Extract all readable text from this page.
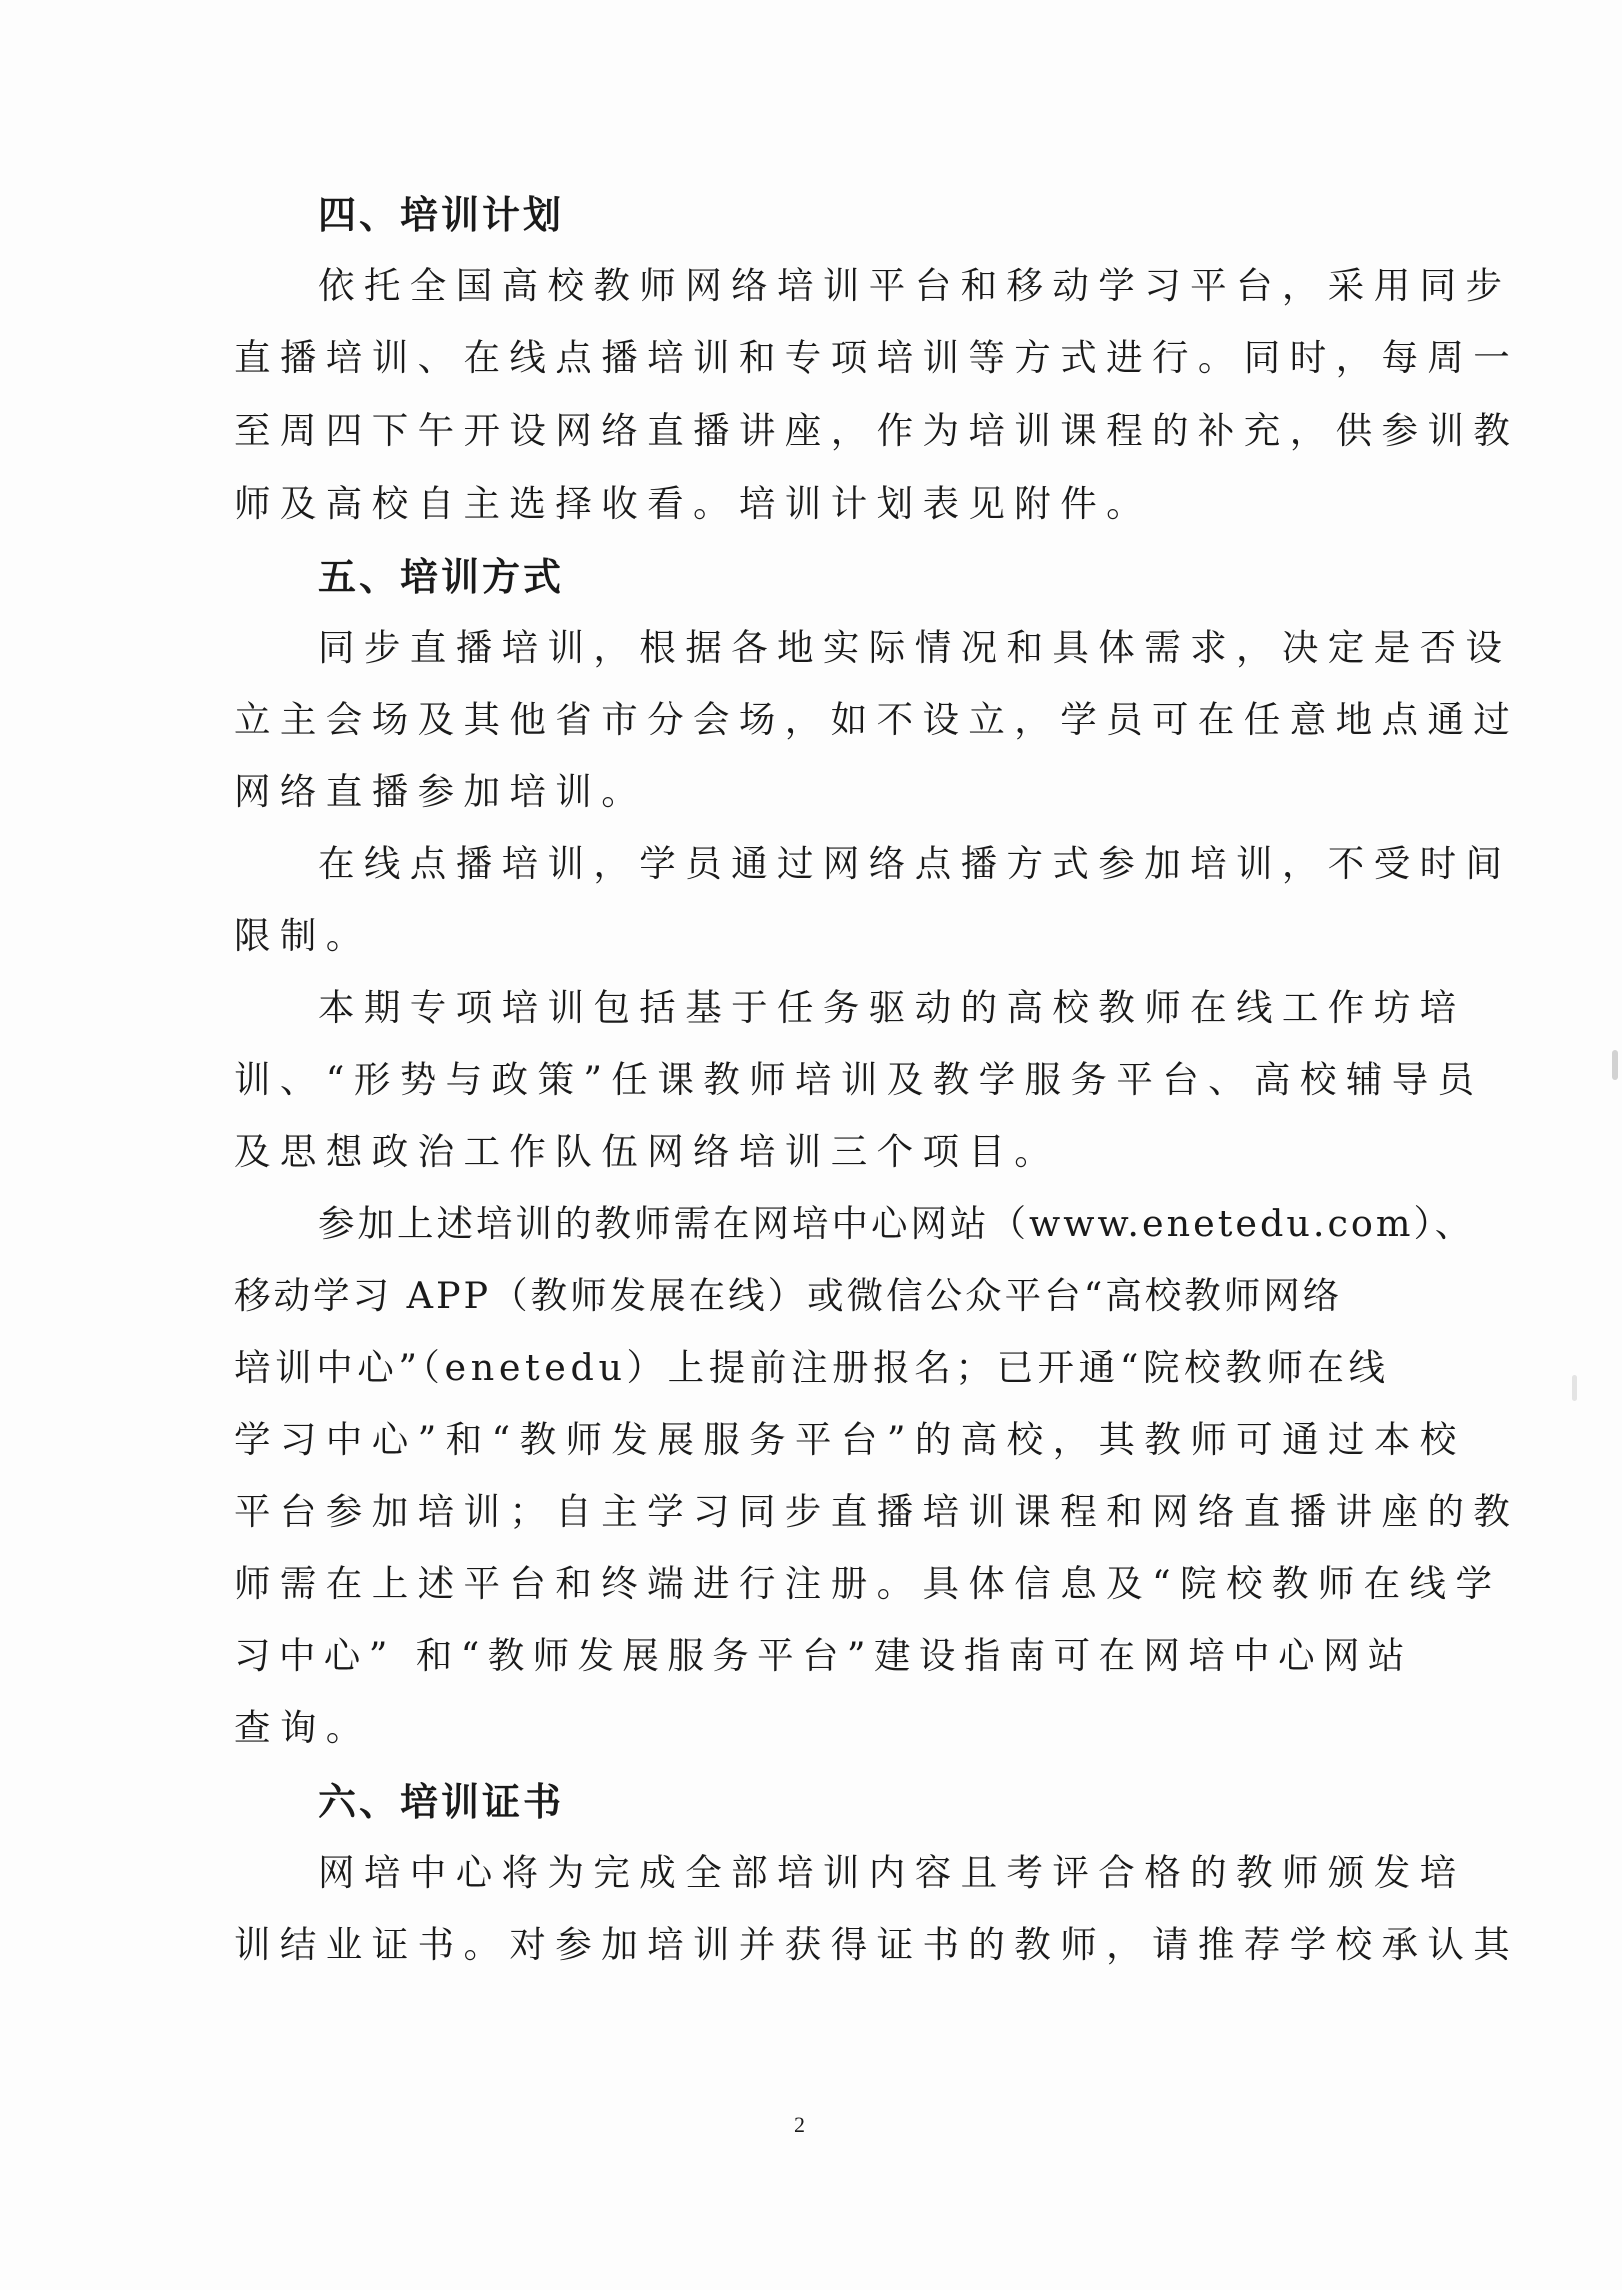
四、培训计划
依托全国高校教师网络培训平台和移动学习平台，采用同步
直播培训、在线点播培训和专项培训等方式进行。同时，每周一
至周四下午开设网络直播讲座，作为培训课程的补充，供参训教
师及高校自主选择收看。培训计划表见附件。
五、培训方式
同步直播培训，根据各地实际情况和具体需求，决定是否设
立主会场及其他省市分会场，如不设立，学员可在任意地点通过
网络直播参加培训。
在线点播培训，学员通过网络点播方式参加培训，不受时间
限制。
本期专项培训包括基于任务驱动的高校教师在线工作坊培
训、“形势与政策”任课教师培训及教学服务平台、高校辅导员
及思想政治工作队伍网络培训三个项目。
参加上述培训的教师需在网培中心网站（www.enetedu.com）、
移动学习 APP（教师发展在线）或微信公众平台“高校教师网络
培训中心”（enetedu）上提前注册报名；已开通“院校教师在线
学习中心”和“教师发展服务平台”的高校，其教师可通过本校
平台参加培训；自主学习同步直播培训课程和网络直播讲座的教
师需在上述平台和终端进行注册。具体信息及“院校教师在线学
习中心” 和“教师发展服务平台”建设指南可在网培中心网站
查询。
六、培训证书
网培中心将为完成全部培训内容且考评合格的教师颁发培
训结业证书。对参加培训并获得证书的教师，请推荐学校承认其
2
